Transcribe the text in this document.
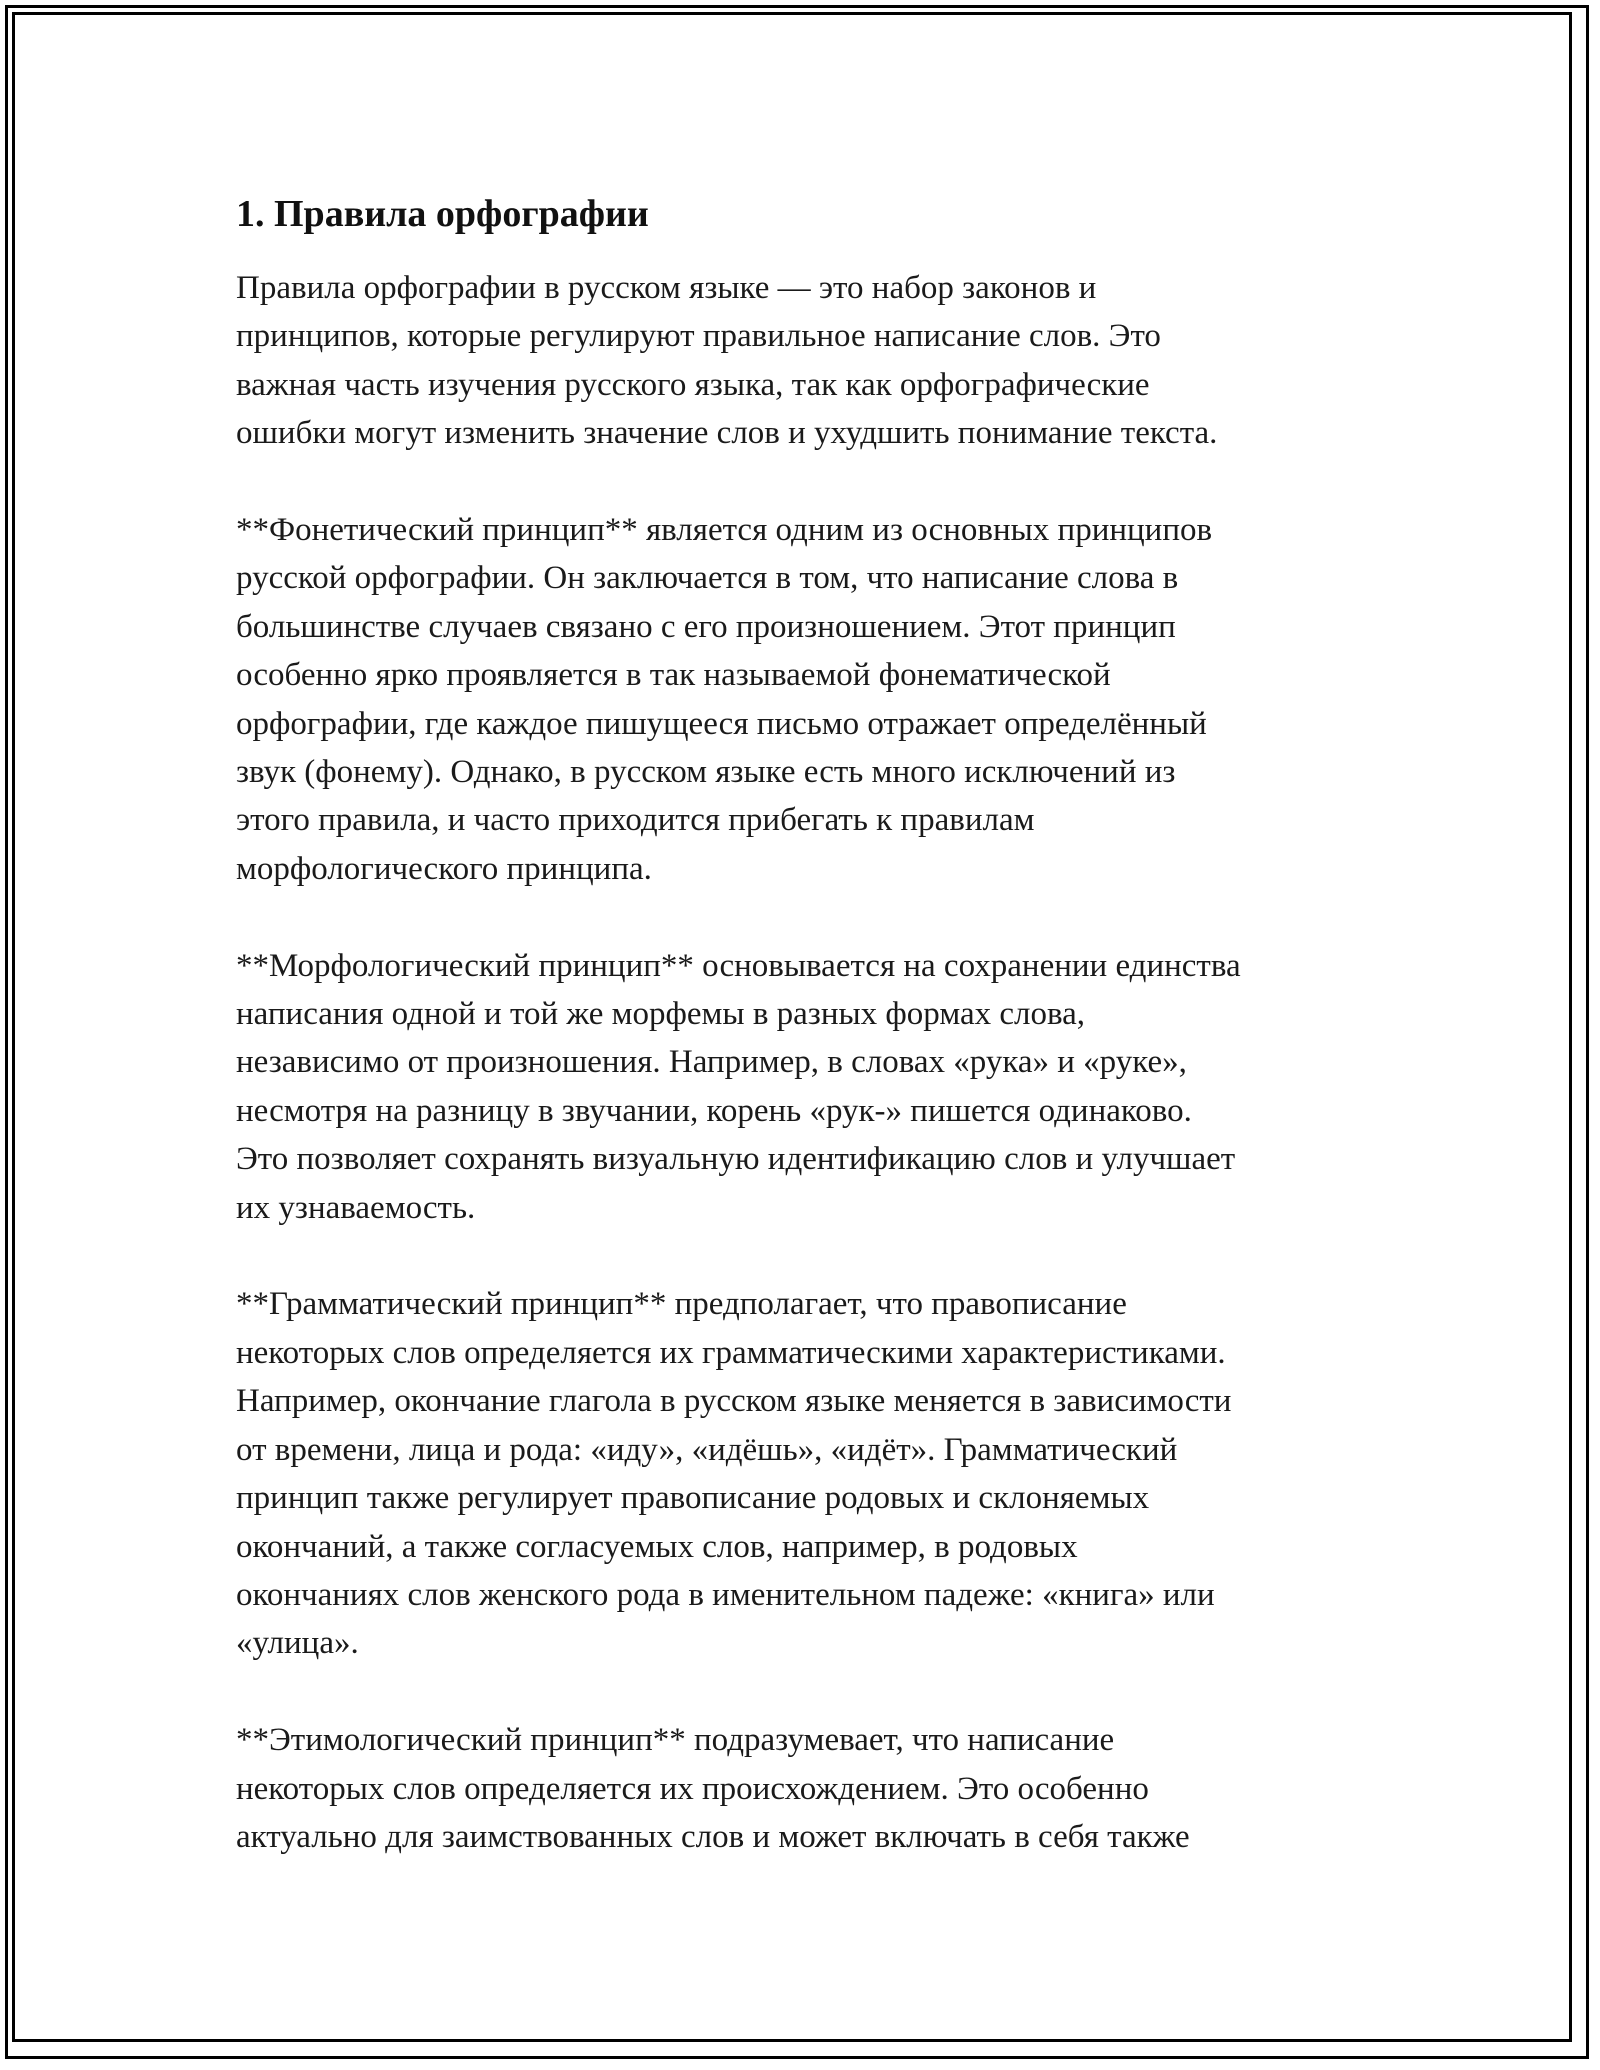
1. Правила орфографии

Правила орфографии в русском языке — это набор законов и
принципов, которые регулируют правильное написание слов. Это
важная часть изучения русского языка, так как орфографические
ошибки могут изменить значение слов и ухудшить понимание текста.

**Фонетический принцип** является одним из основных принципов
русской орфографии. Он заключается в том, что написание слова в
большинстве случаев связано с его произношением. Этот принцип
особенно ярко проявляется в так называемой фонематической
орфографии, где каждое пишущееся письмо отражает определённый
звук (фонему). Однако, в русском языке есть много исключений из
этого правила, и часто приходится прибегать к правилам
морфологического принципа.

**Морфологический принцип** основывается на сохранении единства
написания одной и той же морфемы в разных формах слова,
независимо от произношения. Например, в словах «рука» и «руке»,
несмотря на разницу в звучании, корень «рук-» пишется одинаково.
Это позволяет сохранять визуальную идентификацию слов и улучшает
их узнаваемость.

**Грамматический принцип** предполагает, что правописание
некоторых слов определяется их грамматическими характеристиками.
Например, окончание глагола в русском языке меняется в зависимости
от времени, лица и рода: «иду», «идёшь», «идёт». Грамматический
принцип также регулирует правописание родовых и склоняемых
окончаний, а также согласуемых слов, например, в родовых
окончаниях слов женского рода в именительном падеже: «книга» или
«улица».

**Этимологический принцип** подразумевает, что написание
некоторых слов определяется их происхождением. Это особенно
актуально для заимствованных слов и может включать в себя также
